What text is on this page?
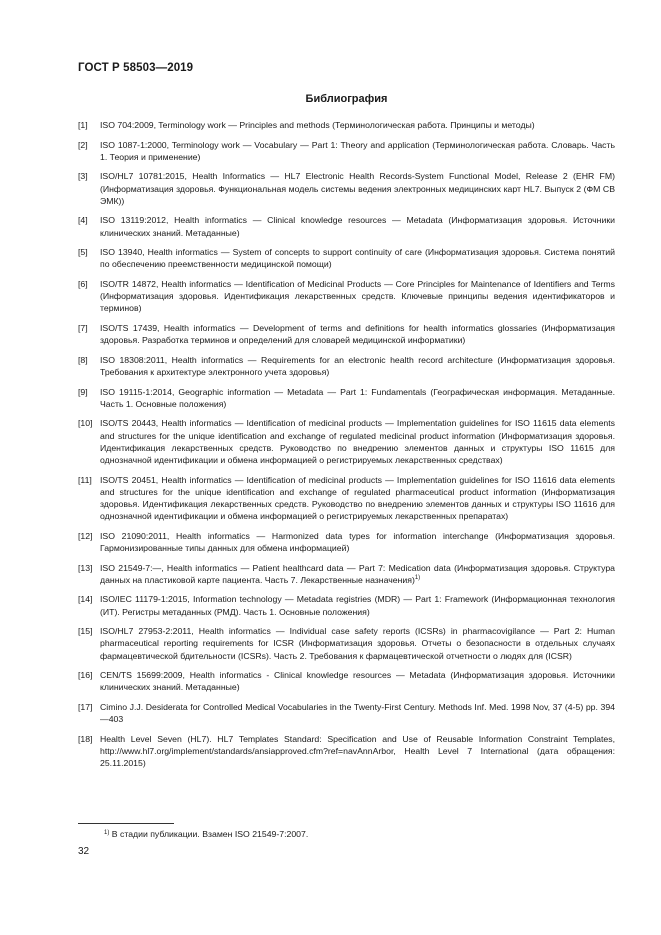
ГОСТ Р 58503—2019
Библиография
[1]	ISO 704:2009, Terminology work — Principles and methods (Терминологическая работа. Принципы и методы)
[2]	ISO 1087-1:2000, Terminology work — Vocabulary — Part 1: Theory and application (Терминологическая работа. Словарь. Часть 1. Теория и применение)
[3]	ISO/HL7 10781:2015, Health Informatics — HL7 Electronic Health Records-System Functional Model, Release 2 (EHR FM) (Информатизация здоровья. Функциональная модель системы ведения электронных медицинских карт HL7. Выпуск 2 (ФМ СВ ЭМК))
[4]	ISO 13119:2012, Health informatics — Clinical knowledge resources — Metadata (Информатизация здоровья. Источники клинических знаний. Метаданные)
[5]	ISO 13940, Health informatics — System of concepts to support continuity of care (Информатизация здоровья. Система понятий по обеспечению преемственности медицинской помощи)
[6]	ISO/TR 14872, Health informatics — Identification of Medicinal Products — Core Principles for Maintenance of Identifiers and Terms (Информатизация здоровья. Идентификация лекарственных средств. Ключевые принципы ведения идентификаторов и терминов)
[7]	ISO/TS 17439, Health informatics — Development of terms and definitions for health informatics glossaries (Информатизация здоровья. Разработка терминов и определений для словарей медицинской информатики)
[8]	ISO 18308:2011, Health informatics — Requirements for an electronic health record architecture (Информатизация здоровья. Требования к архитектуре электронного учета здоровья)
[9]	ISO 19115-1:2014, Geographic information — Metadata — Part 1: Fundamentals (Географическая информация. Метаданные. Часть 1. Основные положения)
[10] ISO/TS 20443, Health informatics — Identification of medicinal products — Implementation guidelines for ISO 11615 data elements and structures for the unique identification and exchange of regulated medicinal product information (Информатизация здоровья. Идентификация лекарственных средств. Руководство по внедрению элементов данных и структуры ISO 11615 для однозначной идентификации и обмена информацией о регистрируемых лекарственных средствах)
[11] ISO/TS 20451, Health informatics — Identification of medicinal products — Implementation guidelines for ISO 11616 data elements and structures for the unique identification and exchange of regulated pharmaceutical product information (Информатизация здоровья. Идентификация лекарственных средств. Руководство по внедрению элементов данных и структуры ISO 11616 для однозначной идентификации и обмена информацией о регистрируемых лекарственных препаратах)
[12] ISO 21090:2011, Health informatics — Harmonized data types for information interchange (Информатизация здоровья. Гармонизированные типы данных для обмена информацией)
[13] ISO 21549-7:—, Health informatics — Patient healthcard data — Part 7: Medication data (Информатизация здоровья. Структура данных на пластиковой карте пациента. Часть 7. Лекарственные назначения)$^{1)}$
[14] ISO/IEC 11179-1:2015, Information technology — Metadata registries (MDR) — Part 1: Framework (Информационная технология (ИТ). Регистры метаданных (РМД). Часть 1. Основные положения)
[15] ISO/HL7 27953-2:2011, Health informatics — Individual case safety reports (ICSRs) in pharmacovigilance — Part 2: Human pharmaceutical reporting requirements for ICSR (Информатизация здоровья. Отчеты о безопасности в отдельных случаях фармацевтической бдительности (ICSRs). Часть 2. Требования к фармацевтической отчетности о людях для (ICSR)
[16] CEN/TS 15699:2009, Health informatics - Clinical knowledge resources — Metadata (Информатизация здоровья. Источники клинических знаний. Метаданные)
[17] Cimino J.J. Desiderata for Controlled Medical Vocabularies in the Twenty-First Century. Methods Inf. Med. 1998 Nov, 37 (4-5) pp. 394—403
[18] Health Level Seven (HL7). HL7 Templates Standard: Specification and Use of Reusable Information Constraint Templates, http://www.hl7.org/implement/standards/ansiapproved.cfm?ref=navAnnArbor, Health Level 7 International (дата обращения: 25.11.2015)
$^{1)}$ В стадии публикации. Взамен ISO 21549-7:2007.
32
